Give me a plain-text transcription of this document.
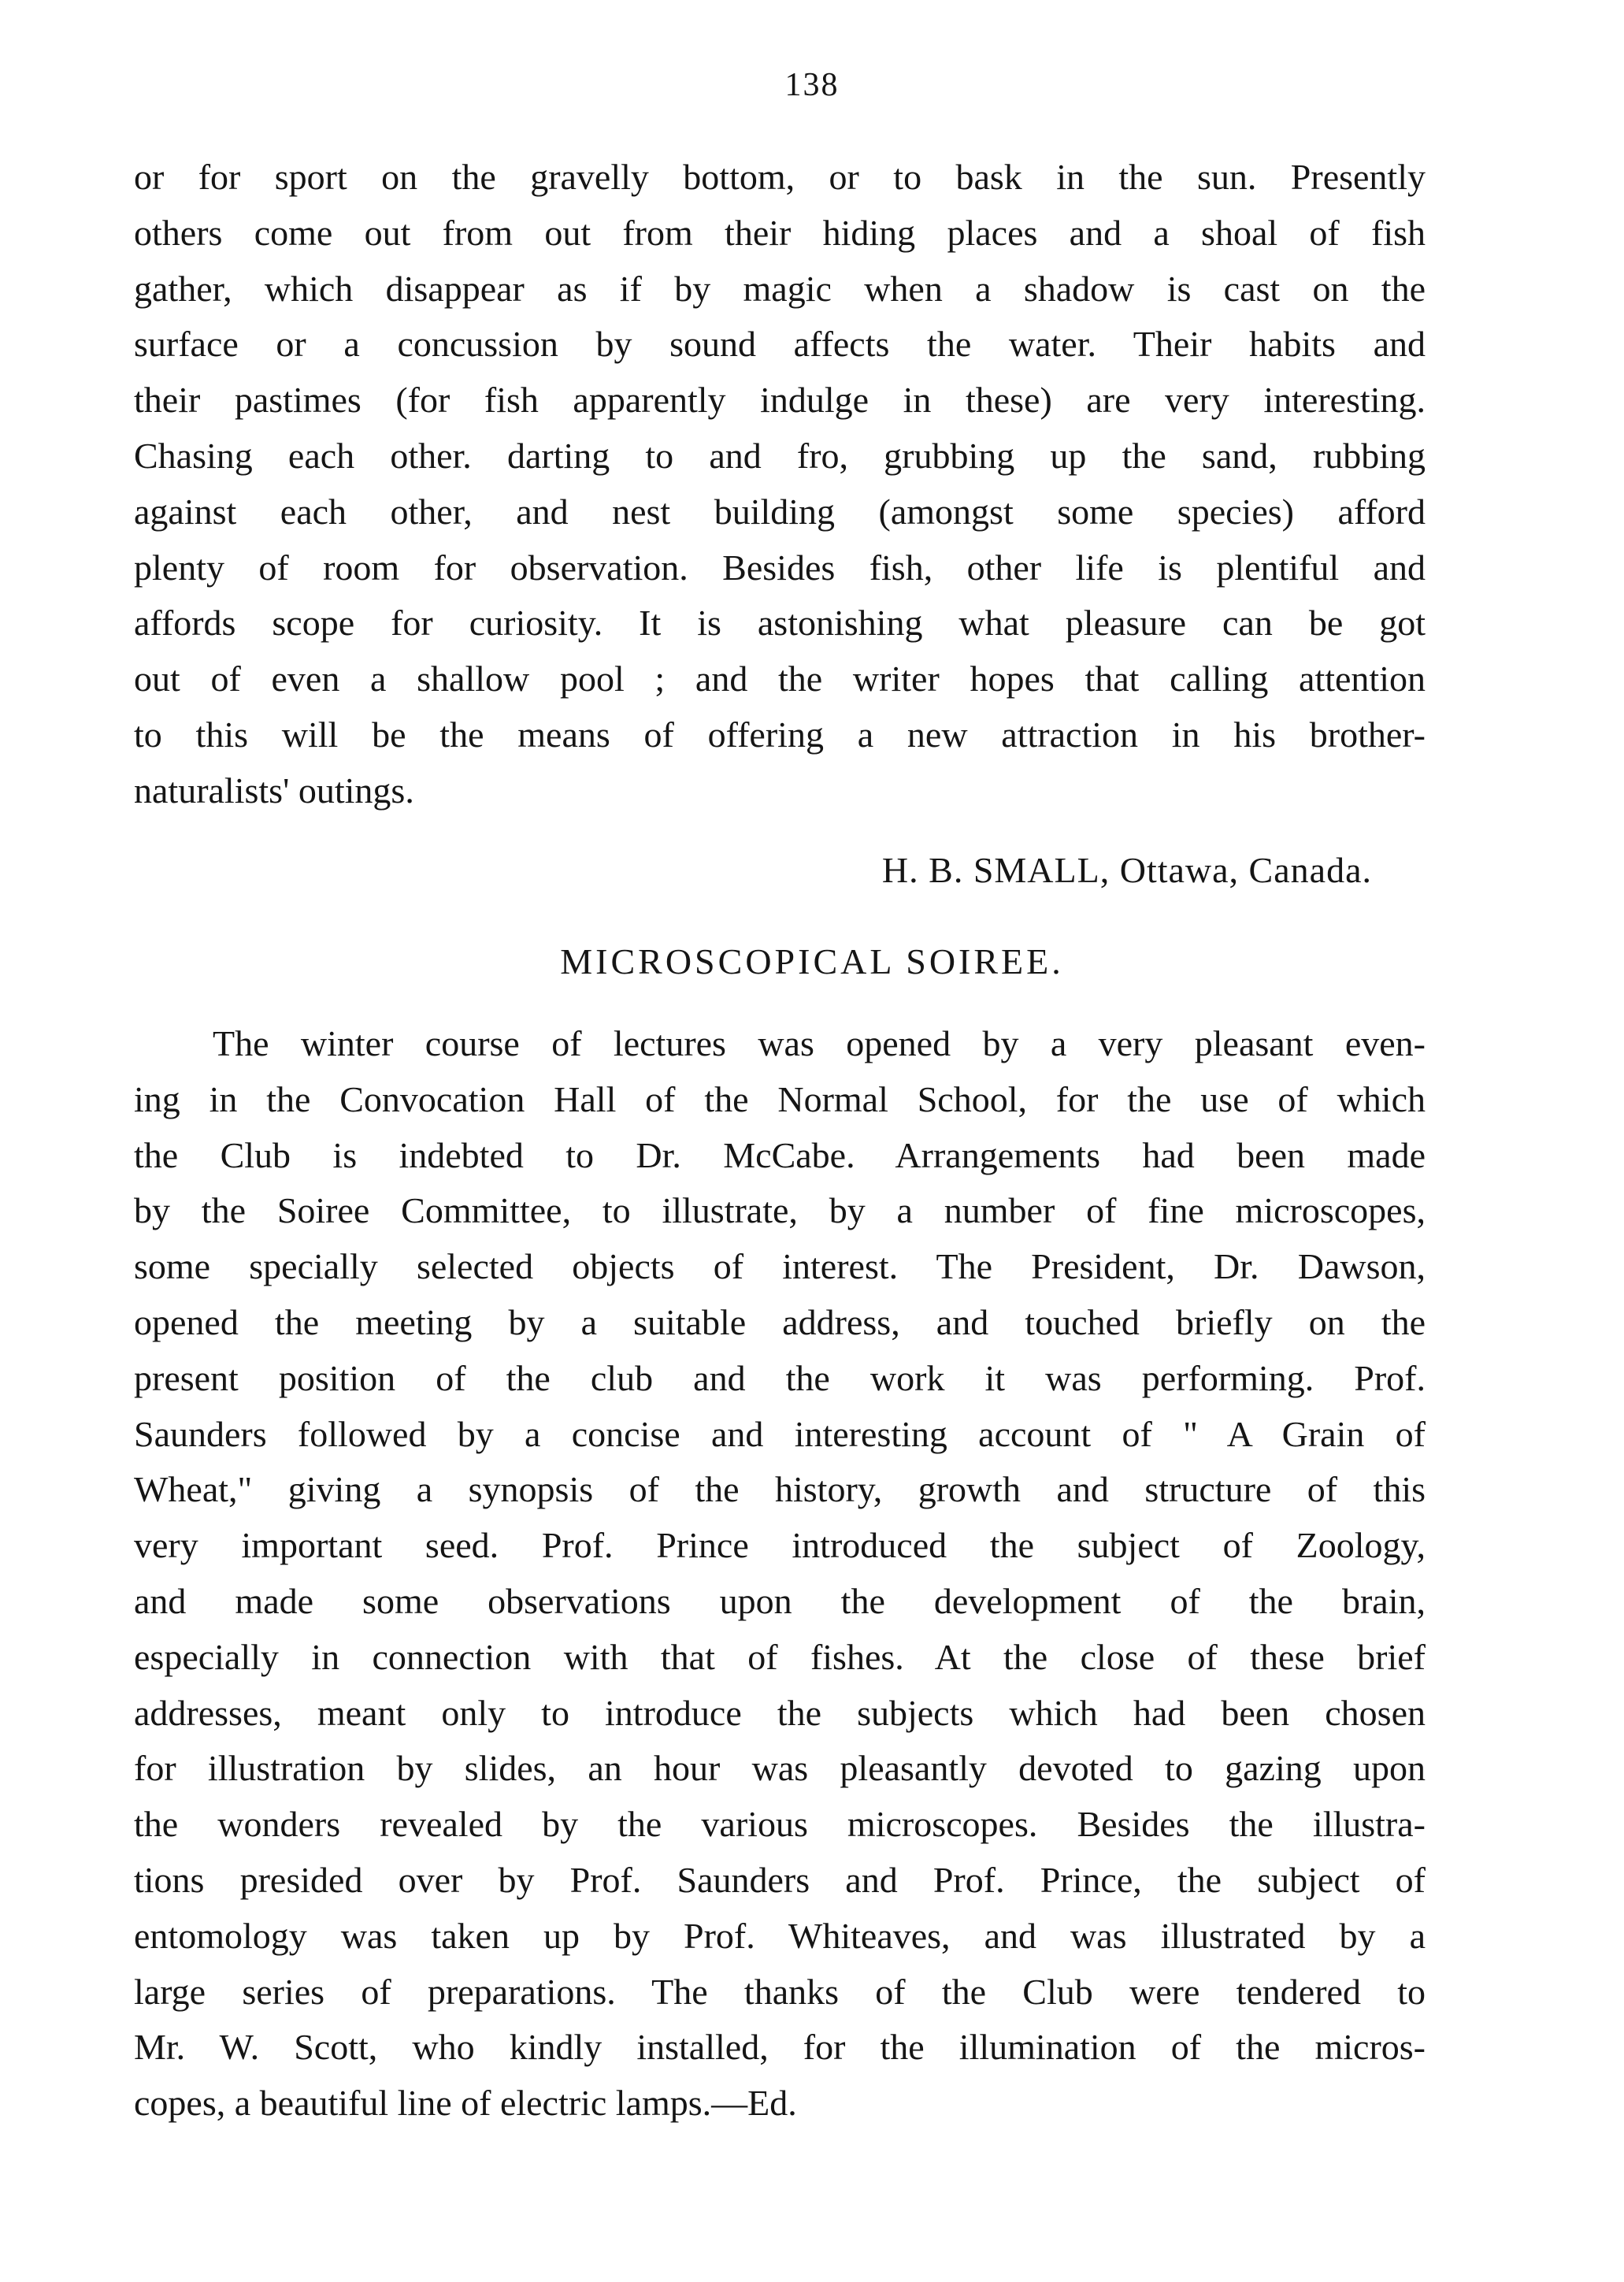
138
or for sport on the gravelly bottom, or to bask in the sun. Presently
others come out from out from their hiding places and a shoal of fish
gather, which disappear as if by magic when a shadow is cast on the
surface or a concussion by sound affects the water. Their habits and
their pastimes (for fish apparently indulge in these) are very interesting.
Chasing each other. darting to and fro, grubbing up the sand, rubbing
against each other, and nest building (amongst some species) afford
plenty of room for observation. Besides fish, other life is plentiful and
affords scope for curiosity. It is astonishing what pleasure can be got
out of even a shallow pool ; and the writer hopes that calling attention
to this will be the means of offering a new attraction in his brother-
naturalists' outings.
H. B. SMALL, Ottawa, Canada.
MICROSCOPICAL SOIREE.
The winter course of lectures was opened by a very pleasant even-
ing in the Convocation Hall of the Normal School, for the use of which
the Club is indebted to Dr. McCabe. Arrangements had been made
by the Soiree Committee, to illustrate, by a number of fine microscopes,
some specially selected objects of interest. The President, Dr. Dawson,
opened the meeting by a suitable address, and touched briefly on the
present position of the club and the work it was performing. Prof.
Saunders followed by a concise and interesting account of " A Grain of
Wheat," giving a synopsis of the history, growth and structure of this
very important seed. Prof. Prince introduced the subject of Zoology,
and made some observations upon the development of the brain,
especially in connection with that of fishes. At the close of these brief
addresses, meant only to introduce the subjects which had been chosen
for illustration by slides, an hour was pleasantly devoted to gazing upon
the wonders revealed by the various microscopes. Besides the illustra-
tions presided over by Prof. Saunders and Prof. Prince, the subject of
entomology was taken up by Prof. Whiteaves, and was illustrated by a
large series of preparations. The thanks of the Club were tendered to
Mr. W. Scott, who kindly installed, for the illumination of the micros-
copes, a beautiful line of electric lamps.—Ed.
